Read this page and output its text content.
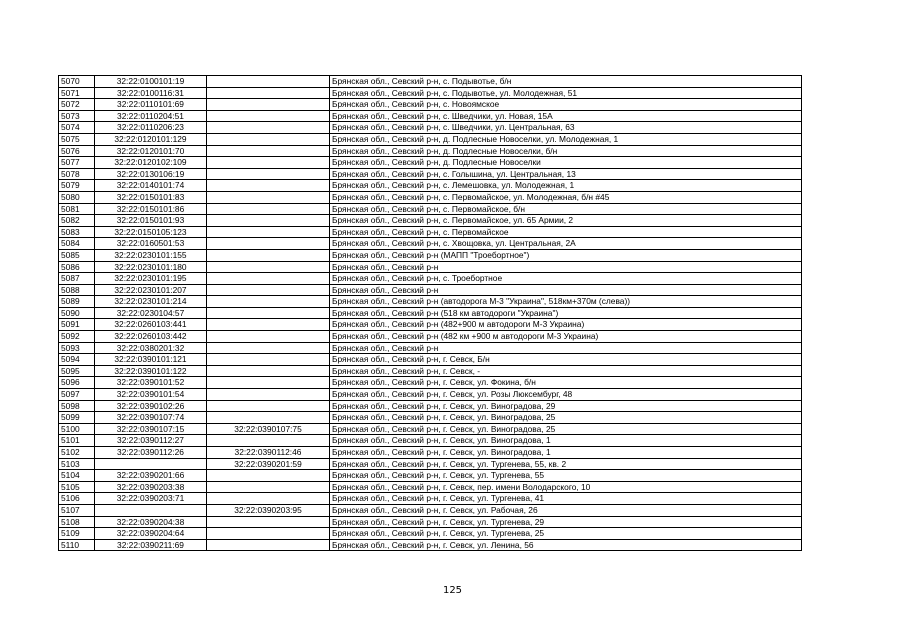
5070	32:22:0100101:19		Брянская обл., Севский р-н, с. Подывотье, б/н
5071	32:22:0100116:31		Брянская обл., Севский р-н, с. Подывотье, ул. Молодежная, 51
5072	32:22:0110101:69		Брянская обл., Севский р-н, с. Новоямское
5073	32:22:0110204:51		Брянская обл., Севский р-н, с. Шведчики, ул. Новая, 15А
5074	32:22:0110206:23		Брянская обл., Севский р-н, с. Шведчики, ул. Центральная, 63
5075	32:22:0120101:129		Брянская обл., Севский р-н, д. Подлесные Новоселки, ул. Молодежная, 1
5076	32:22:0120101:70		Брянская обл., Севский р-н, д. Подлесные Новоселки, б/н
5077	32:22:0120102:109		Брянская обл., Севский р-н, д. Подлесные Новоселки
5078	32:22:0130106:19		Брянская обл., Севский р-н, с. Голышина, ул. Центральная, 13
5079	32:22:0140101:74		Брянская обл., Севский р-н, с. Лемешовка, ул. Молодежная, 1
5080	32:22:0150101:83		Брянская обл., Севский р-н, с. Первомайское, ул. Молодежная, б/н #45
5081	32:22:0150101:86		Брянская обл., Севский р-н, с. Первомайское, б/н
5082	32:22:0150101:93		Брянская обл., Севский р-н, с. Первомайское, ул. 65 Армии, 2
5083	32:22:0150105:123		Брянская обл., Севский р-н, с. Первомайское
5084	32:22:0160501:53		Брянская обл., Севский р-н, с. Хвощовка, ул. Центральная, 2А
5085	32:22:0230101:155		Брянская обл., Севский р-н (МАПП "Троебортное")
5086	32:22:0230101:180		Брянская обл., Севский р-н
5087	32:22:0230101:195		Брянская обл., Севский р-н, с. Троебортное
5088	32:22:0230101:207		Брянская обл., Севский р-н
5089	32:22:0230101:214		Брянская обл., Севский р-н (автодорога М-3 "Украина", 518км+370м (слева))
5090	32:22:0230104:57		Брянская обл., Севский р-н (518 км автодороги "Украина")
5091	32:22:0260103:441		Брянская обл., Севский р-н (482+900 м автодороги М-3 Украина)
5092	32:22:0260103:442		Брянская обл., Севский р-н (482 км +900 м автодороги М-3 Украина)
5093	32:22:0380201:32		Брянская обл., Севский р-н
5094	32:22:0390101:121		Брянская обл., Севский р-н, г. Севск, Б/н
5095	32:22:0390101:122		Брянская обл., Севский р-н, г. Севск, -
5096	32:22:0390101:52		Брянская обл., Севский р-н, г. Севск, ул. Фокина, б/н
5097	32:22:0390101:54		Брянская обл., Севский р-н, г. Севск, ул. Розы Люксембург, 48
5098	32:22:0390102:26		Брянская обл., Севский р-н, г. Севск, ул. Виноградова, 29
5099	32:22:0390107:74		Брянская обл., Севский р-н, г. Севск, ул. Виноградова, 25
5100	32:22:0390107:15	32:22:0390107:75	Брянская обл., Севский р-н, г. Севск, ул. Виноградова, 25
5101	32:22:0390112:27		Брянская обл., Севский р-н, г. Севск, ул. Виноградова, 1
5102	32:22:0390112:26	32:22:0390112:46	Брянская обл., Севский р-н, г. Севск, ул. Виноградова, 1
5103		32:22:0390201:59	Брянская обл., Севский р-н, г. Севск, ул. Тургенева, 55, кв. 2
5104	32:22:0390201:66		Брянская обл., Севский р-н, г. Севск, ул. Тургенева, 55
5105	32:22:0390203:38		Брянская обл., Севский р-н, г. Севск, пер. имени Володарского, 10
5106	32:22:0390203:71		Брянская обл., Севский р-н, г. Севск, ул. Тургенева, 41
5107		32:22:0390203:95	Брянская обл., Севский р-н, г. Севск, ул. Рабочая, 26
5108	32:22:0390204:38		Брянская обл., Севский р-н, г. Севск, ул. Тургенева, 29
5109	32:22:0390204:64		Брянская обл., Севский р-н, г. Севск, ул. Тургенева, 25
5110	32:22:0390211:69		Брянская обл., Севский р-н, г. Севск, ул. Ленина, 56
125
